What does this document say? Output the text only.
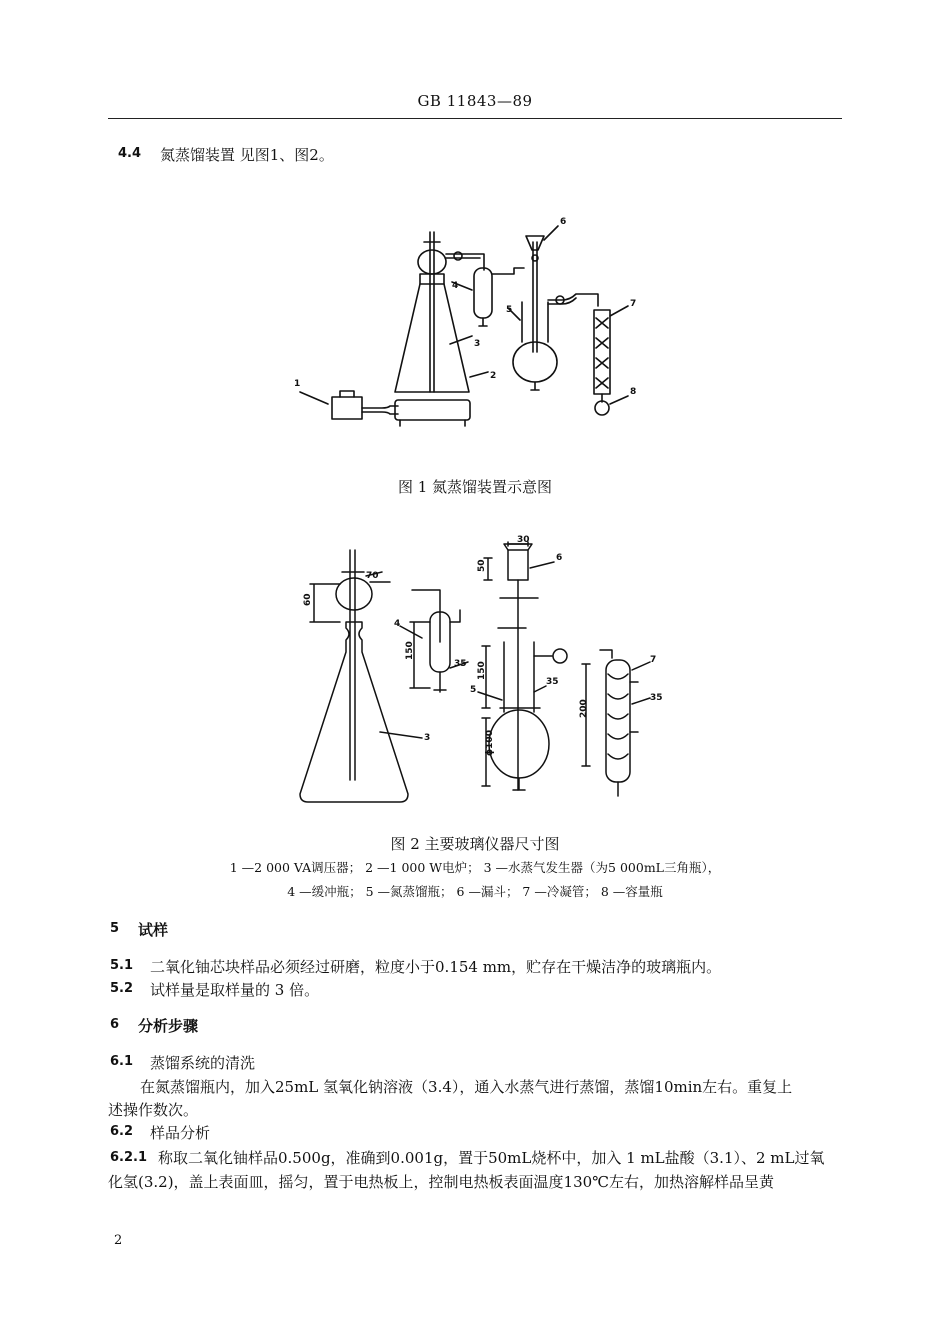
GB 11843—89
4.4 氮蒸馏装置 见图1、图2。
1
2
3
4
5
6
7
8
图 1 氮蒸馏装置示意图
30
50
70
60
150
35 150
35
ϕ100
200
35
3
4
5
6
7
图 2 主要玻璃仪器尺寸图
1 —2 000 VA调压器； 2 —1 000 W电炉； 3 —水蒸气发生器（为5 000mL三角瓶），
4 —缓冲瓶； 5 —氮蒸馏瓶； 6 —漏斗； 7 —冷凝管； 8 —容量瓶
5 试样
5.1 二氧化铀芯块样品必须经过研磨，粒度小于0.154 mm，贮存在干燥洁净的玻璃瓶内。
5.2 试样量是取样量的 3 倍。
6 分析步骤
6.1 蒸馏系统的清洗
在氮蒸馏瓶内，加入25mL 氢氧化钠溶液（3.4），通入水蒸气进行蒸馏，蒸馏10min左右。重复上
述操作数次。
6.2 样品分析
6.2.1 称取二氧化铀样品0.500g，准确到0.001g，置于50mL烧杯中，加入 1 mL盐酸（3.1）、2 mL过氧
化氢(3.2)，盖上表面皿，摇匀，置于电热板上，控制电热板表面温度130℃左右，加热溶解样品呈黄
2
